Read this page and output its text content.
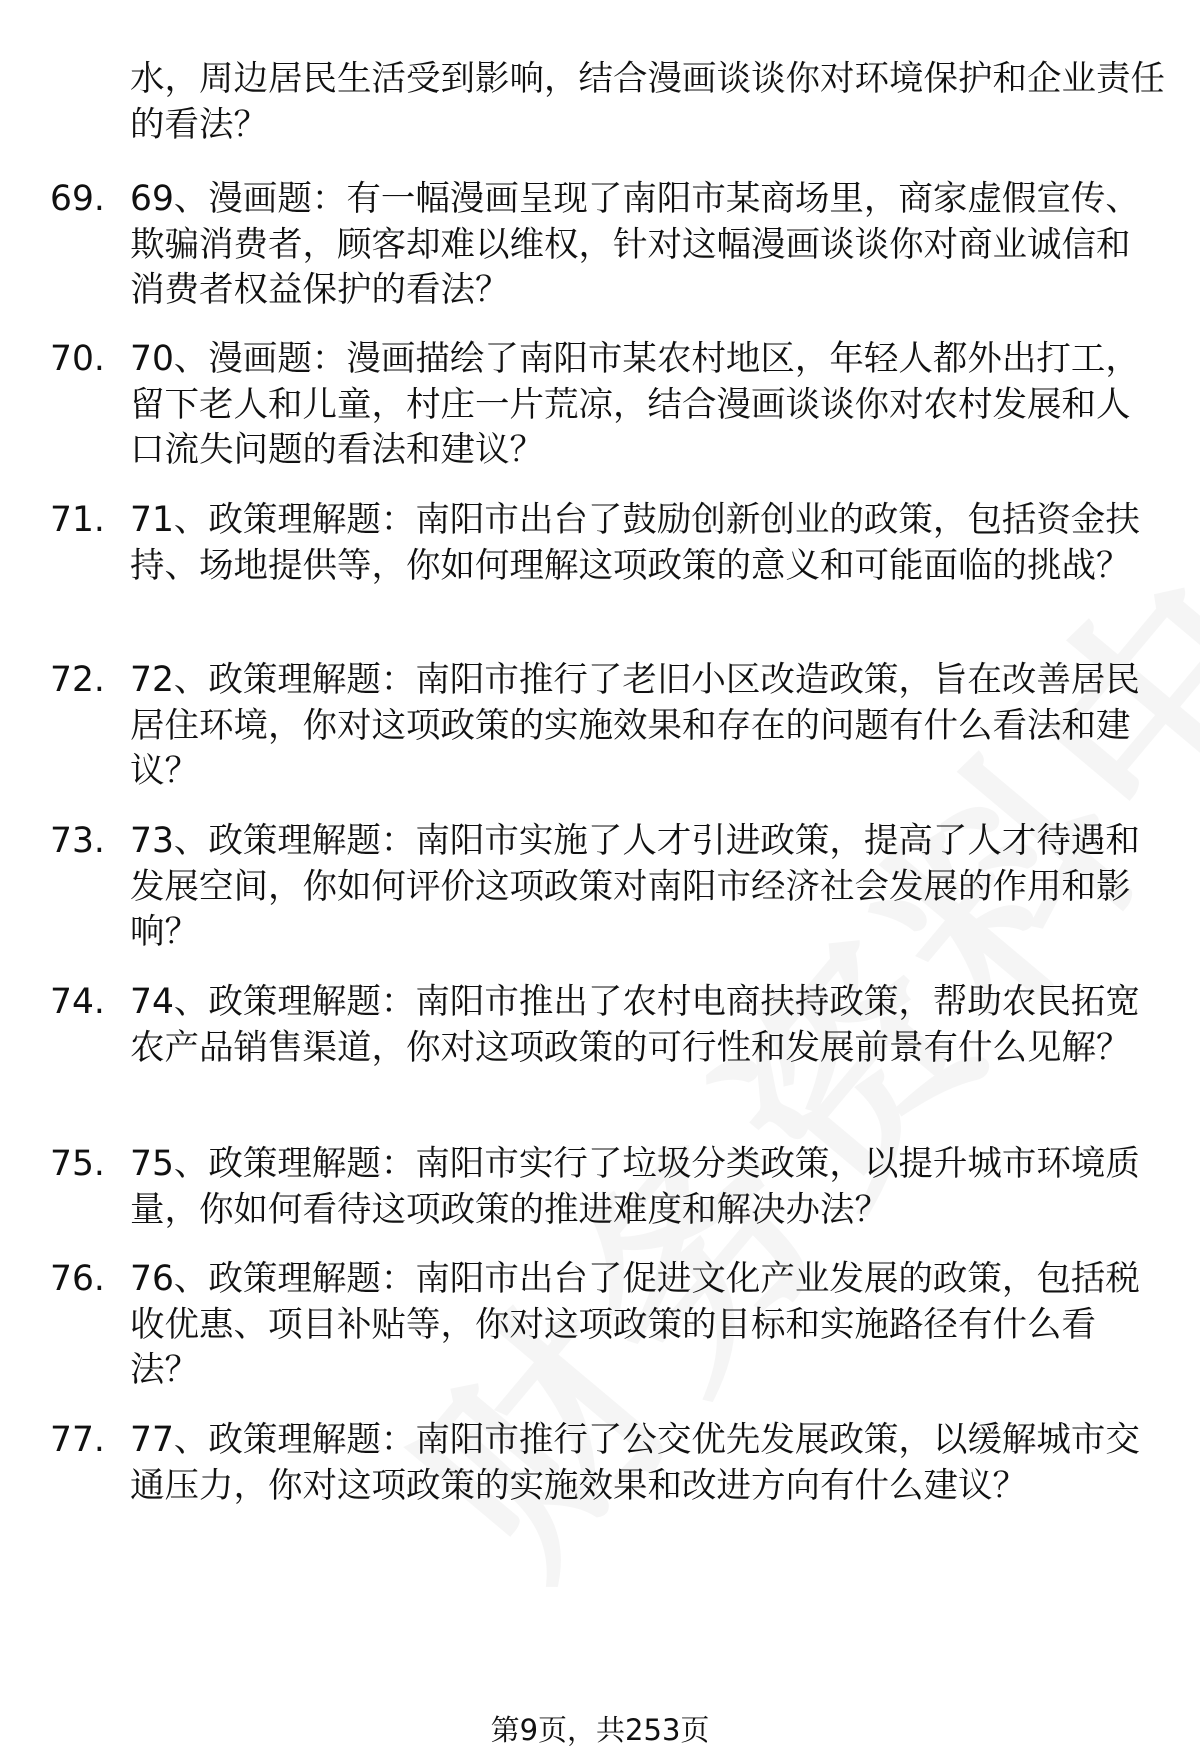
水，周边居民生活受到影响，结合漫画谈谈你对环境保护和企业责任的看法？

69. 69、漫画题：有一幅漫画呈现了南阳市某商场里，商家虚假宣传、欺骗消费者，顾客却难以维权，针对这幅漫画谈谈你对商业诚信和消费者权益保护的看法？

70. 70、漫画题：漫画描绘了南阳市某农村地区，年轻人都外出打工，留下老人和儿童，村庄一片荒凉，结合漫画谈谈你对农村发展和人口流失问题的看法和建议？

71. 71、政策理解题：南阳市出台了鼓励创新创业的政策，包括资金扶持、场地提供等，你如何理解这项政策的意义和可能面临的挑战？

72. 72、政策理解题：南阳市推行了老旧小区改造政策，旨在改善居民居住环境，你对这项政策的实施效果和存在的问题有什么看法和建议？

73. 73、政策理解题：南阳市实施了人才引进政策，提高了人才待遇和发展空间，你如何评价这项政策对南阳市经济社会发展的作用和影响？

74. 74、政策理解题：南阳市推出了农村电商扶持政策，帮助农民拓宽农产品销售渠道，你对这项政策的可行性和发展前景有什么见解？

75. 75、政策理解题：南阳市实行了垃圾分类政策，以提升城市环境质量，你如何看待这项政策的推进难度和解决办法？

76. 76、政策理解题：南阳市出台了促进文化产业发展的政策，包括税收优惠、项目补贴等，你对这项政策的目标和实施路径有什么看法？

77. 77、政策理解题：南阳市推行了公交优先发展政策，以缓解城市交通压力，你对这项政策的实施效果和改进方向有什么建议？

第9页，共253页
